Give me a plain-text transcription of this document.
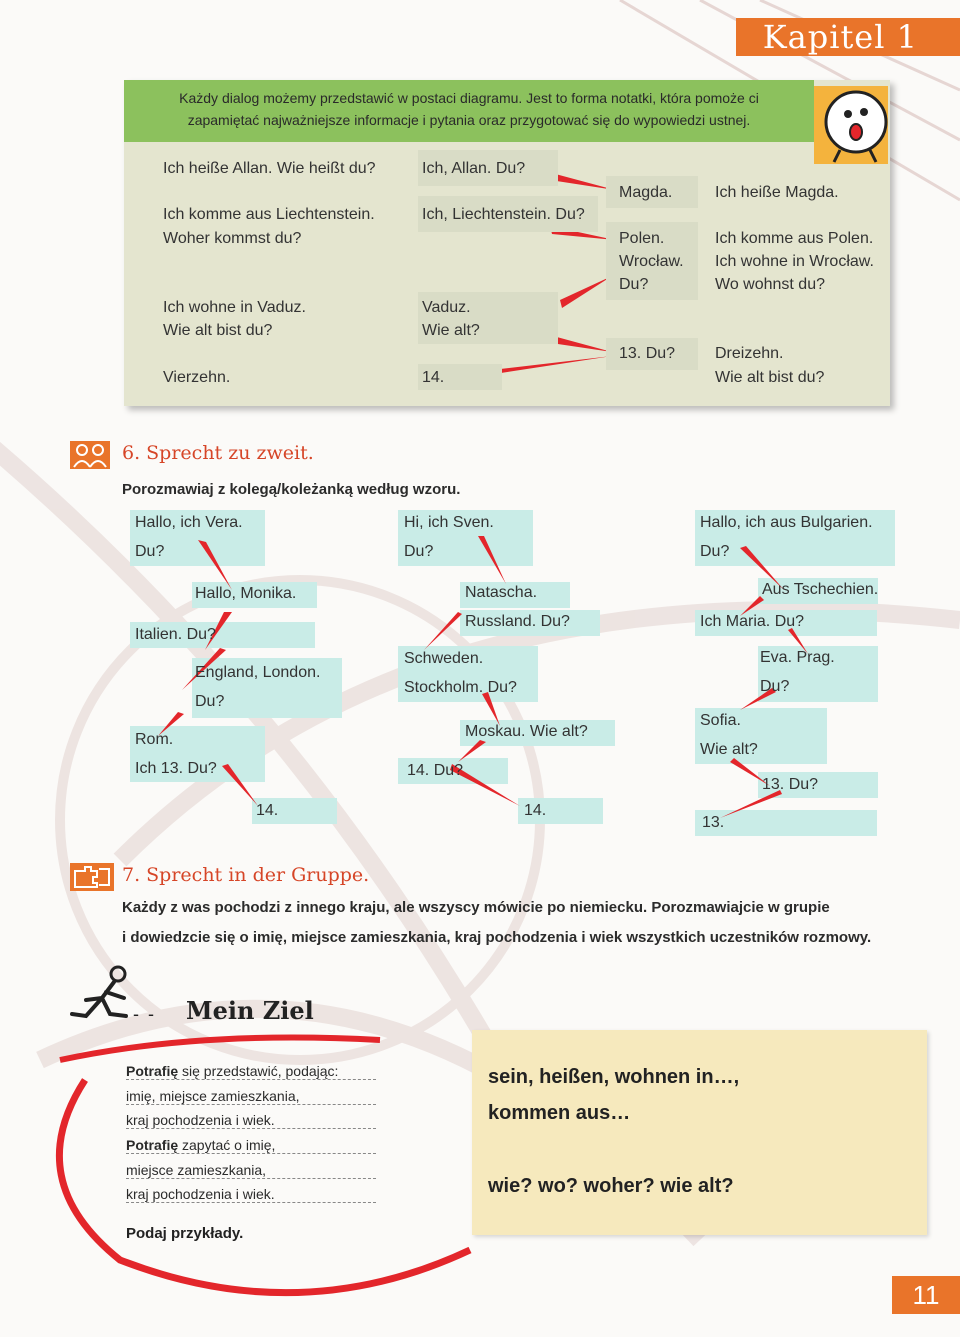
Kapitel 1

Każdy dialog możemy przedstawić w postaci diagramu. Jest to forma notatki, która pomoże ci

zapamiętać najważniejsze informacje i pytania oraz przygotować się do wypowiedzi ustnej.

Ich heiße Allan. Wie heißt du?
Ich komme aus Liechtenstein.
Woher kommst du?
Ich wohne in Vaduz.
Wie alt bist du?
Vierzehn.
Ich, Allan. Du?
Ich, Liechtenstein. Du?
Vaduz.
Wie alt?
14.
Magda.
Polen.
Wrocław.
Du?
13. Du?
Ich heiße Magda.
Ich komme aus Polen.
Ich wohne in Wrocław.
Wo wohnst du?
Dreizehn.
Wie alt bist du?
6. Sprecht zu zweit.
Porozmawiaj z kolegą/koleżanką według wzoru.
Hallo, ich Vera.
Du?
Hallo, Monika.
Italien. Du?
England, London.
Du?
Rom.
Ich 13. Du?
14.
Hi, ich Sven.
Du?
Natascha.
Russland. Du?
Schweden.
Stockholm. Du?
Moskau. Wie alt?
14. Du?
14.
Hallo, ich aus Bulgarien.
Du?
Aus Tschechien.
Ich Maria. Du?
Eva. Prag.
Du?
Sofia.
Wie alt?
13. Du?
13.
7. Sprecht in der Gruppe.
Każdy z was pochodzi z innego kraju, ale wszyscy mówicie po niemiecku. Porozmawiajcie w grupie
i dowiedzcie się o imię, miejsce zamieszkania, kraj pochodzenia i wiek wszystkich uczestników rozmowy.
- - - Mein Ziel
Potrafię się przedstawić, podając:
imię, miejsce zamieszkania,
kraj pochodzenia i wiek.
Potrafię zapytać o imię,
miejsce zamieszkania,
kraj pochodzenia i wiek.
Podaj przykłady.
sein, heißen, wohnen in…,
kommen aus…
wie? wo? woher? wie alt?
11
